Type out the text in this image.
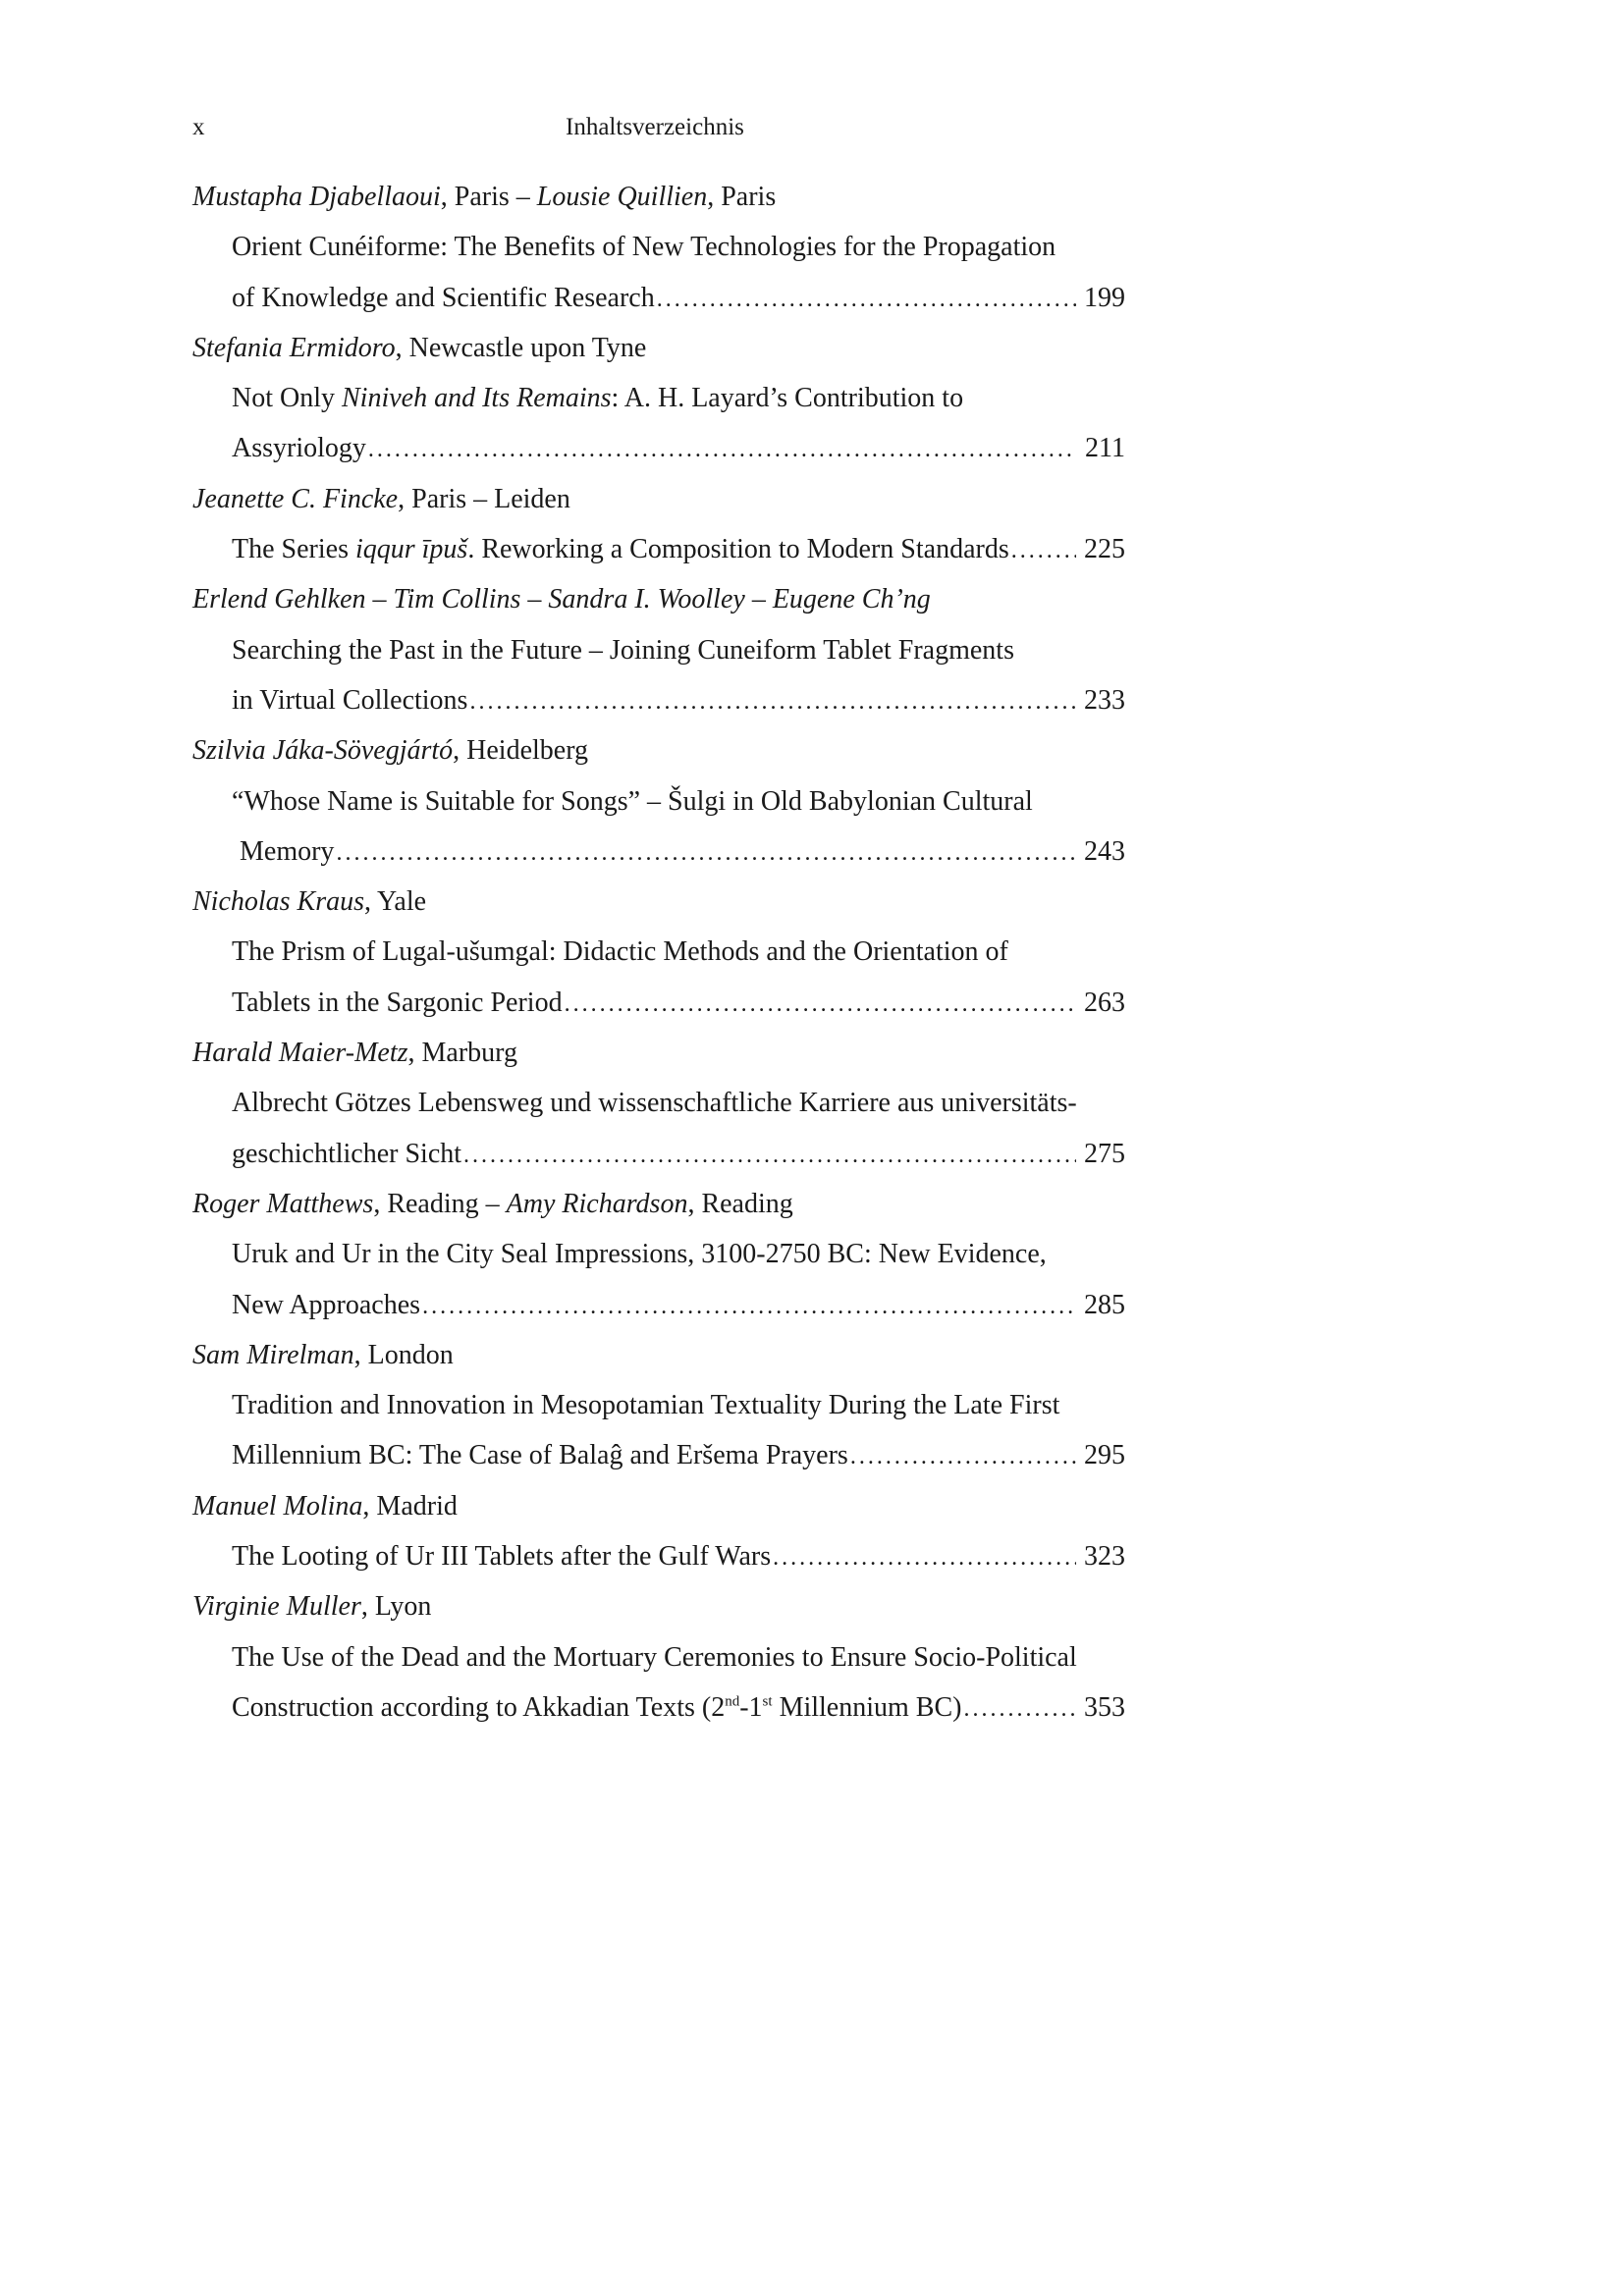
x	Inhaltsverzeichnis
Mustapha Djabellaoui, Paris – Lousie Quillien, Paris
Orient Cunéiforme: The Benefits of New Technologies for the Propagation
of Knowledge and Scientific Research . . .	199
Stefania Ermidoro, Newcastle upon Tyne
Not Only Niniveh and Its Remains: A. H. Layard’s Contribution to
Assyriology . . .	211
Jeanette C. Fincke, Paris – Leiden
The Series iqqur īpuš. Reworking a Composition to Modern Standards . . .	225
Erlend Gehlken – Tim Collins – Sandra I. Woolley – Eugene Ch’ng
Searching the Past in the Future – Joining Cuneiform Tablet Fragments
in Virtual Collections . . .	233
Szilvia Jáka-Sövegjártó, Heidelberg
“Whose Name is Suitable for Songs” – Šulgi in Old Babylonian Cultural
Memory . . .	243
Nicholas Kraus, Yale
The Prism of Lugal-ušumgal: Didactic Methods and the Orientation of
Tablets in the Sargonic Period . . .	263
Harald Maier-Metz, Marburg
Albrecht Götzes Lebensweg und wissenschaftliche Karriere aus universitäts-
geschichtlicher Sicht . . .	275
Roger Matthews, Reading – Amy Richardson, Reading
Uruk and Ur in the City Seal Impressions, 3100-2750 BC: New Evidence,
New Approaches . . .	285
Sam Mirelman, London
Tradition and Innovation in Mesopotamian Textuality During the Late First
Millennium BC: The Case of Balaĝ and Eršema Prayers . . .	295
Manuel Molina, Madrid
The Looting of Ur III Tablets after the Gulf Wars . . .	323
Virginie Muller, Lyon
The Use of the Dead and the Mortuary Ceremonies to Ensure Socio-Political
Construction according to Akkadian Texts (2nd-1st Millennium BC) . . .	353
